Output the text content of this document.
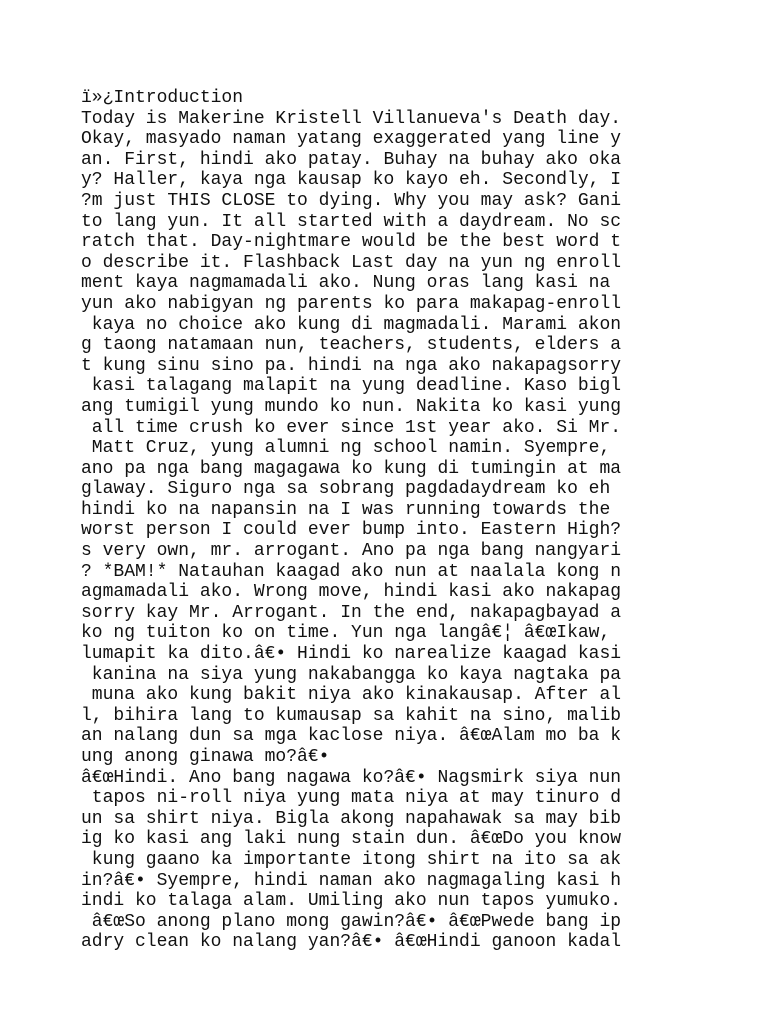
ï»¿Introduction
Today is Makerine Kristell Villanueva's Death day.
Okay, masyado naman yatang exaggerated yang line y
an. First, hindi ako patay. Buhay na buhay ako oka
y? Haller, kaya nga kausap ko kayo eh. Secondly, I
?m just THIS CLOSE to dying. Why you may ask? Gani
to lang yun. It all started with a daydream. No sc
ratch that. Day-nightmare would be the best word t
o describe it. Flashback Last day na yun ng enroll
ment kaya nagmamadali ako. Nung oras lang kasi na
yun ako nabigyan ng parents ko para makapag-enroll
kaya no choice ako kung di magmadali. Marami akon
g taong natamaan nun, teachers, students, elders a
t kung sinu sino pa. hindi na nga ako nakapagsorry
kasi talagang malapit na yung deadline. Kaso bigl
ang tumigil yung mundo ko nun. Nakita ko kasi yung
all time crush ko ever since 1st year ako. Si Mr.
Matt Cruz, yung alumni ng school namin. Syempre,
ano pa nga bang magagawa ko kung di tumingin at ma
glaway. Siguro nga sa sobrang pagdadaydream ko eh
hindi ko na napansin na I was running towards the
worst person I could ever bump into. Eastern High?
s very own, mr. arrogant. Ano pa nga bang nangyari
? *BAM!* Natauhan kaagad ako nun at naalala kong n
agmamadali ako. Wrong move, hindi kasi ako nakapag
sorry kay Mr. Arrogant. In the end, nakapagbayad a
ko ng tuiton ko on time. Yun nga langâ€¦ â€œIkaw,
lumapit ka dito.â€• Hindi ko narealize kaagad kasi
kanina na siya yung nakabangga ko kaya nagtaka pa
muna ako kung bakit niya ako kinakausap. After al
l, bihira lang to kumausap sa kahit na sino, malib
an nalang dun sa mga kaclose niya. â€œAlam mo ba k
ung anong ginawa mo?â€•
â€œHindi. Ano bang nagawa ko?â€• Nagsmirk siya nun
tapos ni-roll niya yung mata niya at may tinuro d
un sa shirt niya. Bigla akong napahawak sa may bib
ig ko kasi ang laki nung stain dun. â€œDo you know
kung gaano ka importante itong shirt na ito sa ak
in?â€• Syempre, hindi naman ako nagmagaling kasi h
indi ko talaga alam. Umiling ako nun tapos yumuko.
â€œSo anong plano mong gawin?â€• â€œPwede bang ip
adry clean ko nalang yan?â€• â€œHindi ganoon kadal
